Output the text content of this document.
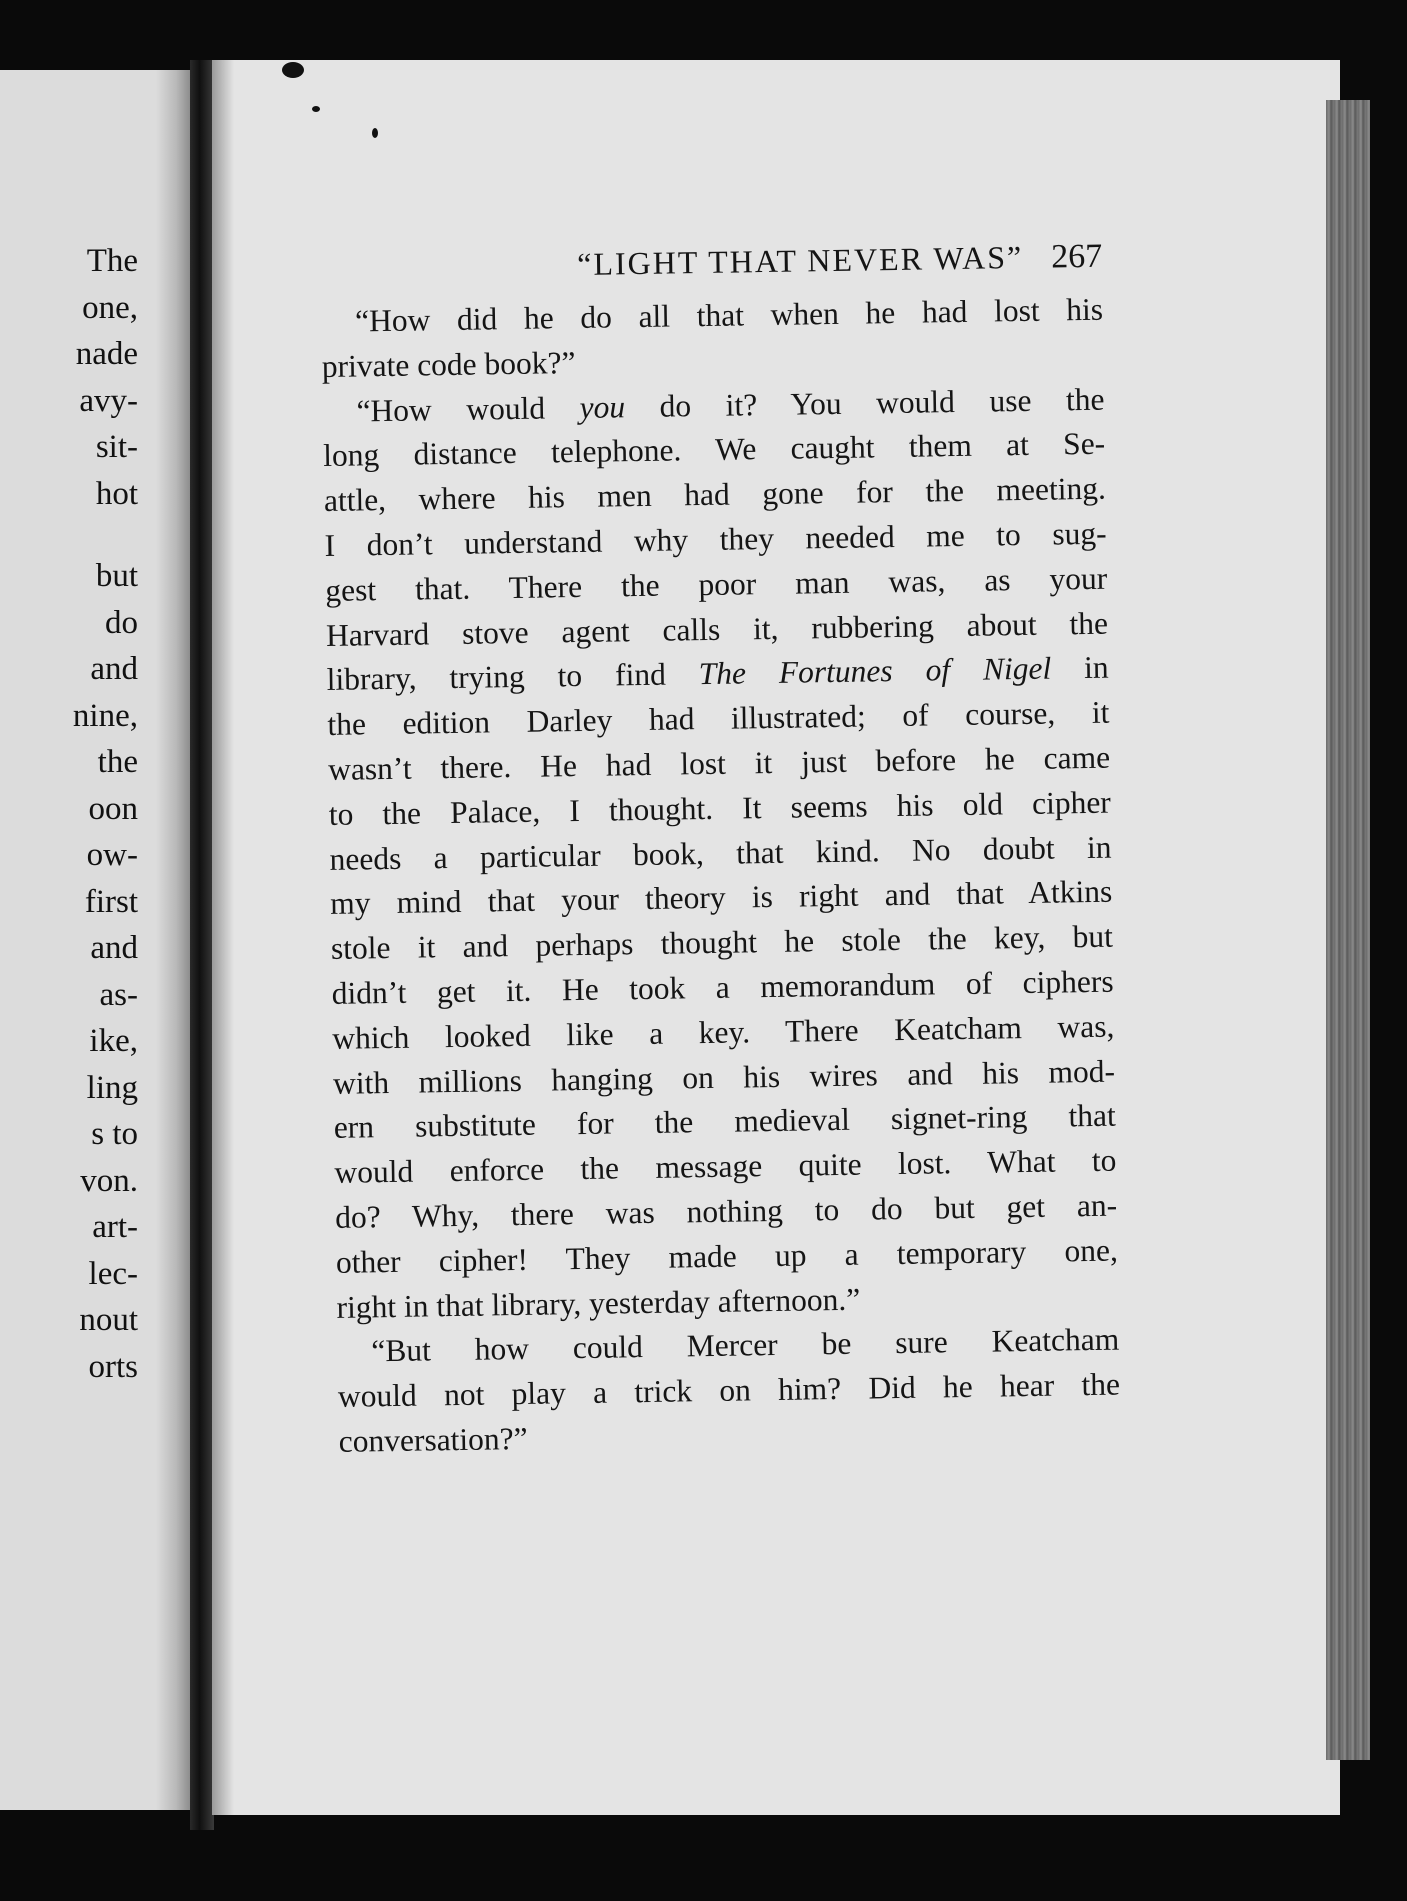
The
one,
nade
avy-
sit-
hot
but
do
and
nine,
the
oon
ow-
first
and
as-
ike,
ling
s to
von.
art-
lec-
nout
orts
“LIGHT THAT NEVER WAS” 267
“How did he do all that when he had lost his
private code book?”
“How would you do it? You would use the
long distance telephone. We caught them at Se-
attle, where his men had gone for the meeting.
I don’t understand why they needed me to sug-
gest that. There the poor man was, as your
Harvard stove agent calls it, rubbering about the
library, trying to find The Fortunes of Nigel in
the edition Darley had illustrated; of course, it
wasn’t there. He had lost it just before he came
to the Palace, I thought. It seems his old cipher
needs a particular book, that kind. No doubt in
my mind that your theory is right and that Atkins
stole it and perhaps thought he stole the key, but
didn’t get it. He took a memorandum of ciphers
which looked like a key. There Keatcham was,
with millions hanging on his wires and his mod-
ern substitute for the medieval signet-ring that
would enforce the message quite lost. What to
do? Why, there was nothing to do but get an-
other cipher! They made up a temporary one,
right in that library, yesterday afternoon.”
“But how could Mercer be sure Keatcham
would not play a trick on him? Did he hear the
conversation?”
